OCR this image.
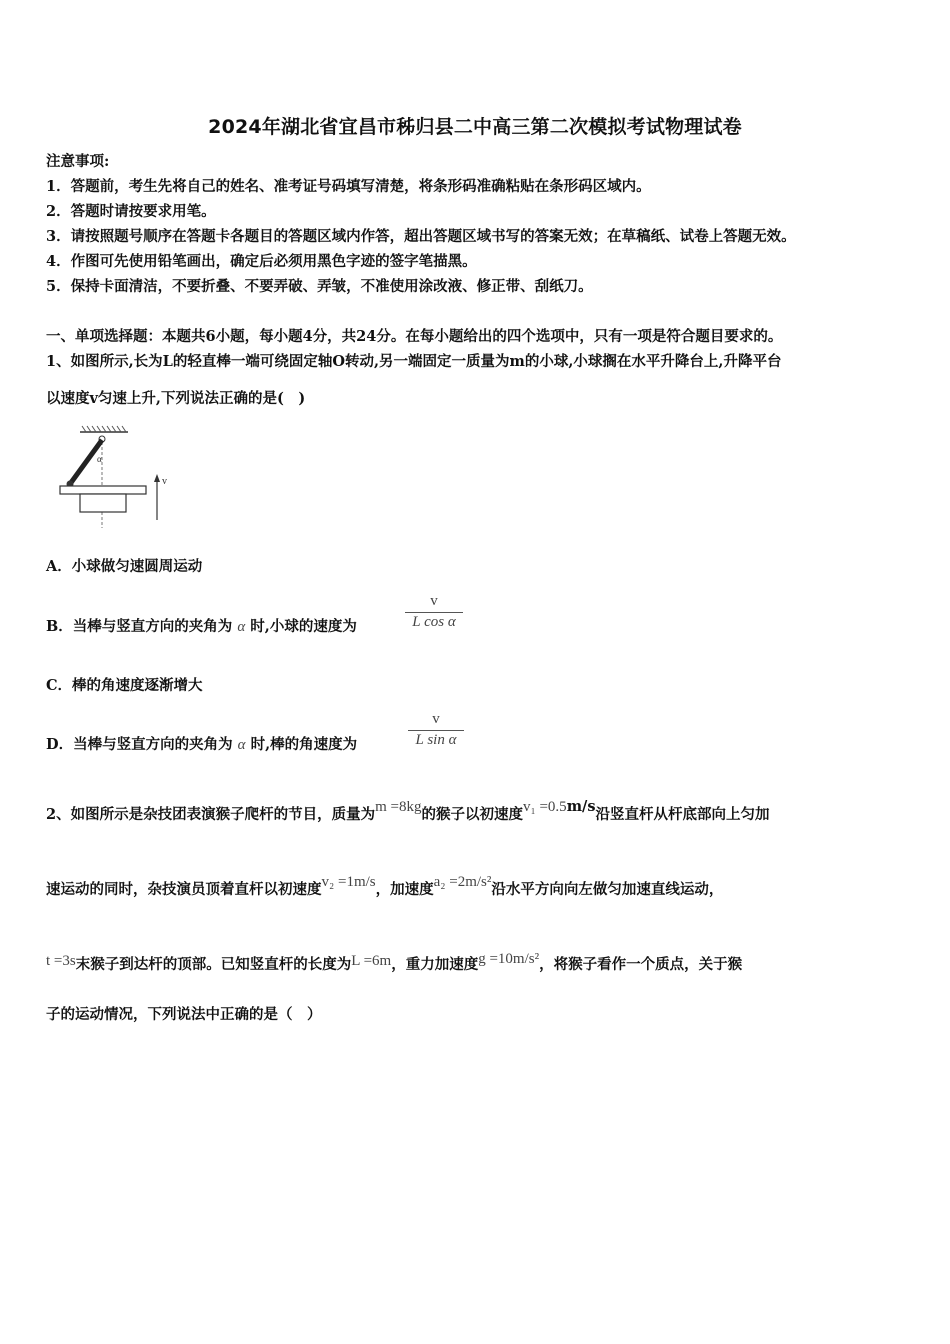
2024年湖北省宜昌市秭归县二中高三第二次模拟考试物理试卷
注意事项:
1．答题前，考生先将自己的姓名、准考证号码填写清楚，将条形码准确粘贴在条形码区域内。
2．答题时请按要求用笔。
3．请按照题号顺序在答题卡各题目的答题区域内作答，超出答题区域书写的答案无效；在草稿纸、试卷上答题无效。
4．作图可先使用铅笔画出，确定后必须用黑色字迹的签字笔描黑。
5．保持卡面清洁，不要折叠、不要弄破、弄皱，不准使用涂改液、修正带、刮纸刀。
一、单项选择题：本题共6小题，每小题4分，共24分。在每小题给出的四个选项中，只有一项是符合题目要求的。
1、如图所示,长为L的轻直棒一端可绕固定轴O转动,另一端固定一质量为m的小球,小球搁在水平升降台上,升降平台
以速度v匀速上升,下列说法正确的是(　)
α
v
A．小球做匀速圆周运动
B．当棒与竖直方向的夹角为 α 时,小球的速度为
v
L cos α
C．棒的角速度逐渐增大
D．当棒与竖直方向的夹角为 α 时,棒的角速度为
v
L sin α
2、如图所示是杂技团表演猴子爬杆的节目，质量为m =8kg的猴子以初速度v₁ =0.5m/s沿竖直杆从杆底部向上匀加
速运动的同时，杂技演员顶着直杆以初速度v₂ =1m/s，加速度a₂ =2m/s²沿水平方向向左做匀加速直线运动，
t =3s末猴子到达杆的顶部。已知竖直杆的长度为L =6m，重力加速度g =10m/s²，将猴子看作一个质点，关于猴
子的运动情况，下列说法中正确的是（　）
